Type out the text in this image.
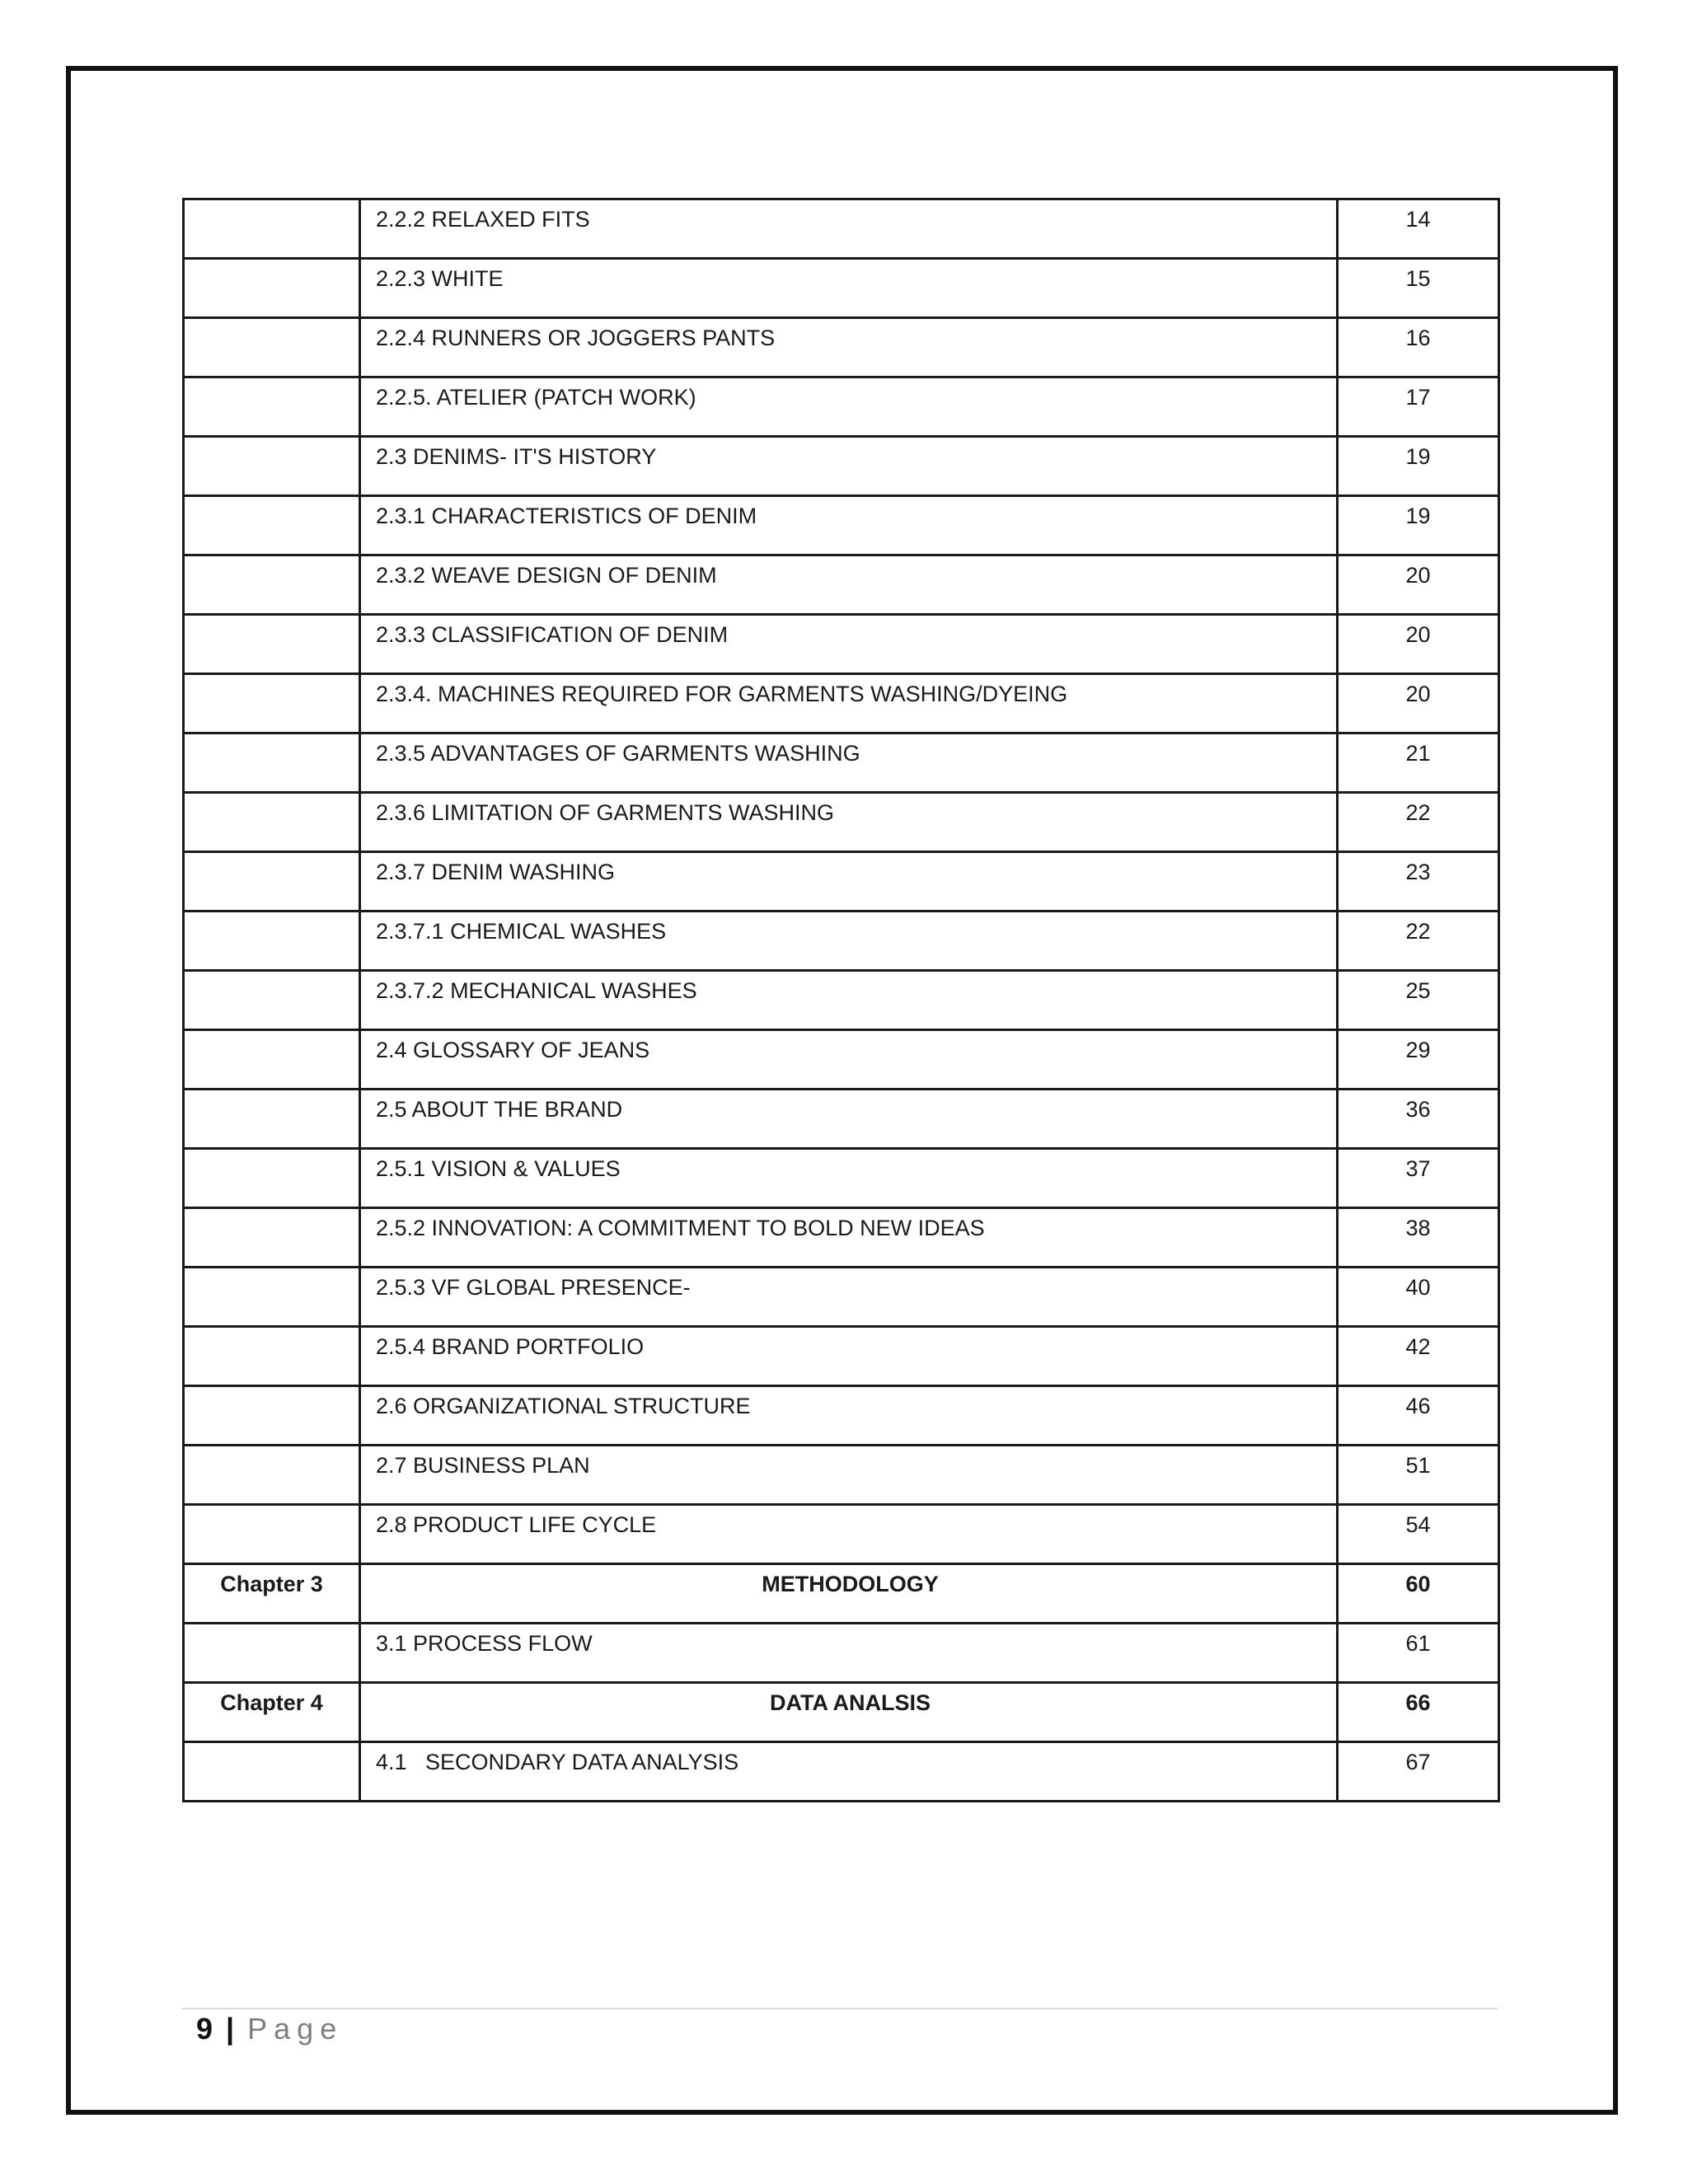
	2.2.2 RELAXED FITS	14
	2.2.3 WHITE	15
	2.2.4 RUNNERS OR JOGGERS PANTS	16
	2.2.5. ATELIER (PATCH WORK)	17
	2.3 DENIMS- IT'S HISTORY	19
	2.3.1 CHARACTERISTICS OF DENIM	19
	2.3.2 WEAVE DESIGN OF DENIM	20
	2.3.3 CLASSIFICATION OF DENIM	20
	2.3.4. MACHINES REQUIRED FOR GARMENTS WASHING/DYEING	20
	2.3.5 ADVANTAGES OF GARMENTS WASHING	21
	2.3.6 LIMITATION OF GARMENTS WASHING	22
	2.3.7 DENIM WASHING	23
	2.3.7.1 CHEMICAL WASHES	22
	2.3.7.2 MECHANICAL WASHES	25
	2.4 GLOSSARY OF JEANS	29
	2.5 ABOUT THE BRAND	36
	2.5.1 VISION & VALUES	37
	2.5.2 INNOVATION: A COMMITMENT TO BOLD NEW IDEAS	38
	2.5.3 VF GLOBAL PRESENCE-	40
	2.5.4 BRAND PORTFOLIO	42
	2.6 ORGANIZATIONAL STRUCTURE	46
	2.7 BUSINESS PLAN	51
	2.8 PRODUCT LIFE CYCLE	54
Chapter 3	METHODOLOGY	60
	3.1 PROCESS FLOW	61
Chapter 4	DATA ANALSIS	66
	4.1   SECONDARY DATA ANALYSIS	67
9 | Page
